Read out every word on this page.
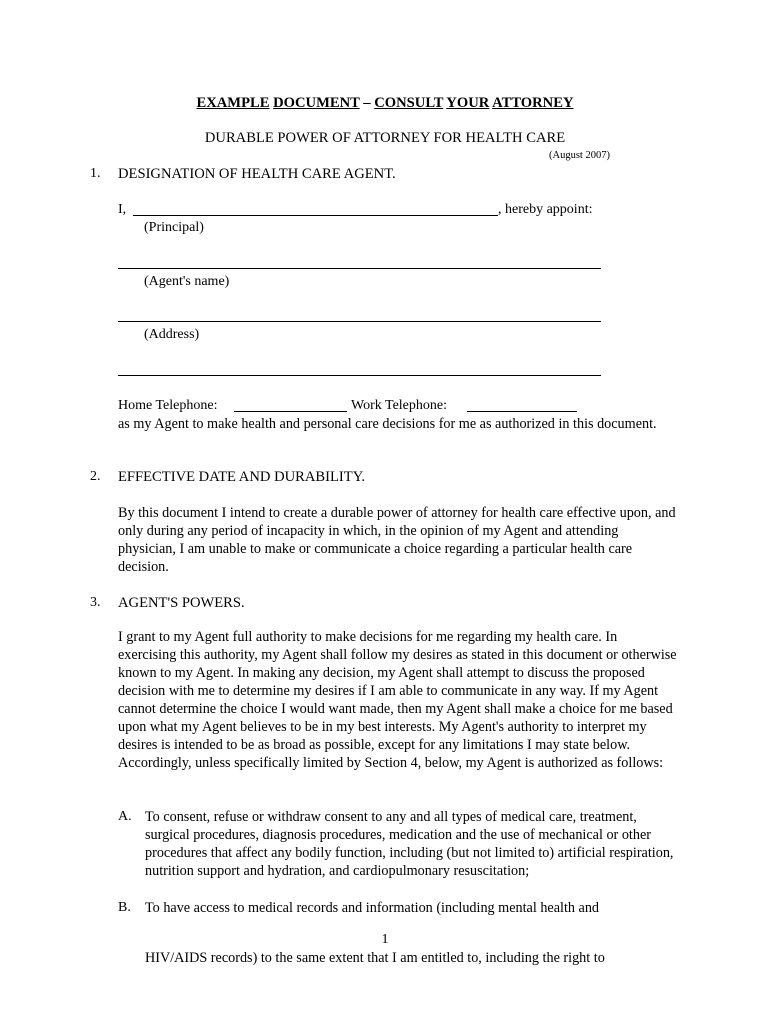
EXAMPLE DOCUMENT – CONSULT YOUR ATTORNEY
DURABLE POWER OF ATTORNEY FOR HEALTH CARE
(August 2007)
1. DESIGNATION OF HEALTH CARE AGENT.
I,	, hereby appoint:
(Principal)
(Agent's name)
(Address)
Home Telephone:	Work Telephone:
as my Agent to make health and personal care decisions for me as authorized in this document.
2. EFFECTIVE DATE AND DURABILITY.
By this document I intend to create a durable power of attorney for health care effective upon, and only during any period of incapacity in which, in the opinion of my Agent and attending physician, I am unable to make or communicate a choice regarding a particular health care decision.
3. AGENT'S POWERS.
I grant to my Agent full authority to make decisions for me regarding my health care. In exercising this authority, my Agent shall follow my desires as stated in this document or otherwise known to my Agent. In making any decision, my Agent shall attempt to discuss the proposed decision with me to determine my desires if I am able to communicate in any way. If my Agent cannot determine the choice I would want made, then my Agent shall make a choice for me based upon what my Agent believes to be in my best interests. My Agent's authority to interpret my desires is intended to be as broad as possible, except for any limitations I may state below. Accordingly, unless specifically limited by Section 4, below, my Agent is authorized as follows:
A. To consent, refuse or withdraw consent to any and all types of medical care, treatment, surgical procedures, diagnosis procedures, medication and the use of mechanical or other procedures that affect any bodily function, including (but not limited to) artificial respiration, nutrition support and hydration, and cardiopulmonary resuscitation;
B. To have access to medical records and information (including mental health and
1
HIV/AIDS records) to the same extent that I am entitled to, including the right to
